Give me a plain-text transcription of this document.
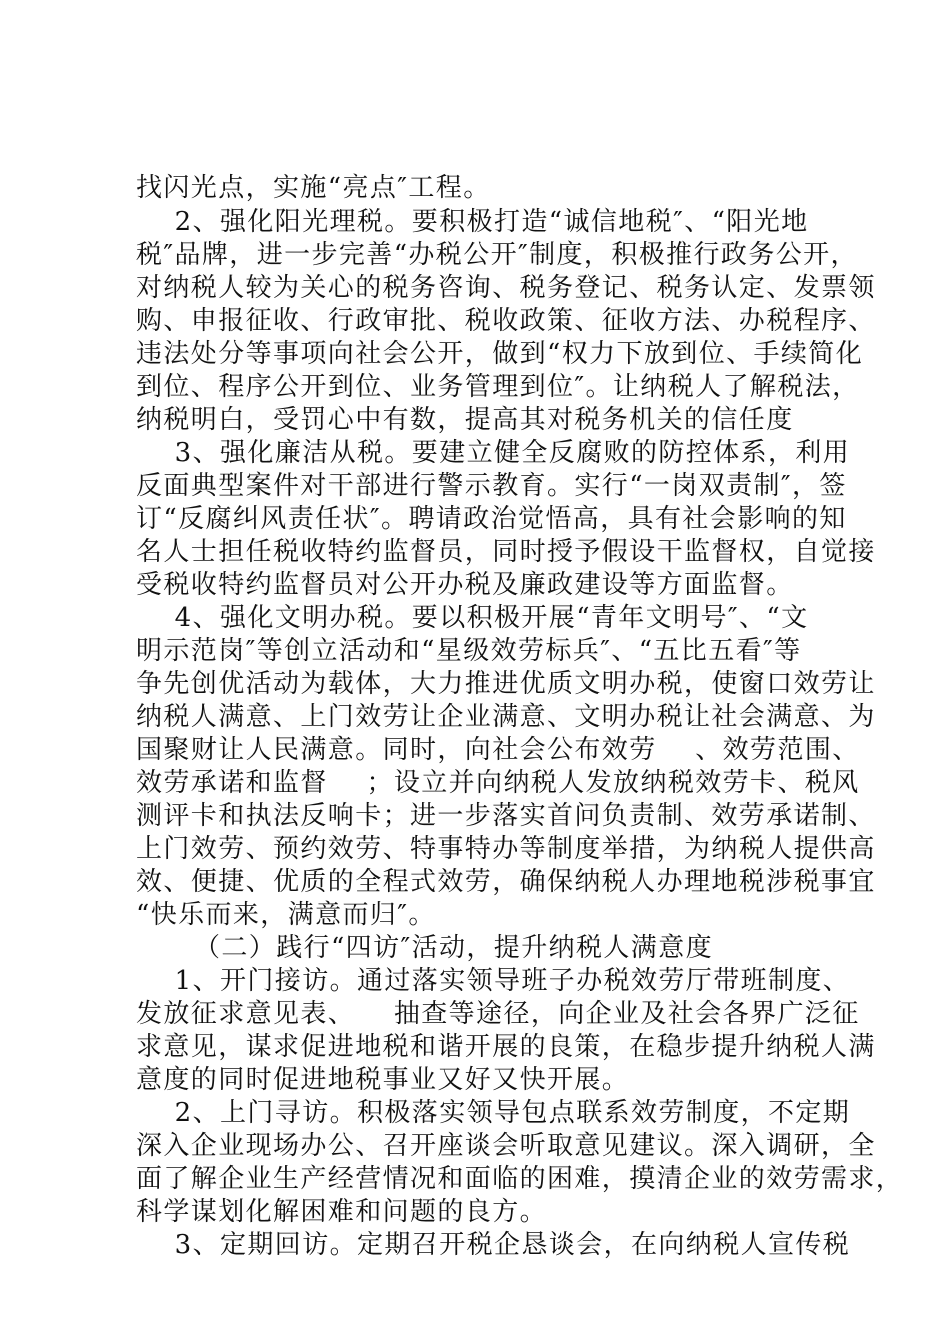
找闪光点，实施“亮点″工程。
2、强化阳光理税。要积极打造“诚信地税″、“阳光地
税″品牌，进一步完善“办税公开″制度，积极推行政务公开，
对纳税人较为关心的税务咨询、税务登记、税务认定、发票领
购、申报征收、行政审批、税收政策、征收方法、办税程序、
违法处分等事项向社会公开，做到“权力下放到位、手续简化
到位、程序公开到位、业务管理到位″。让纳税人了解税法，
纳税明白，受罚心中有数，提高其对税务机关的信任度
3、强化廉洁从税。要建立健全反腐败的防控体系，利用
反面典型案件对干部进行警示教育。实行“一岗双责制″，签
订“反腐纠风责任状″。聘请政治觉悟高，具有社会影响的知
名人士担任税收特约监督员，同时授予假设干监督权，自觉接
受税收特约监督员对公开办税及廉政建设等方面监督。
4、强化文明办税。要以积极开展“青年文明号″、“文
明示范岗″等创立活动和“星级效劳标兵″、“五比五看″等
争先创优活动为载体，大力推进优质文明办税，使窗口效劳让
纳税人满意、上门效劳让企业满意、文明办税让社会满意、为
国聚财让人民满意。同时，向社会公布效劳    、效劳范围、
效劳承诺和监督    ；设立并向纳税人发放纳税效劳卡、税风
测评卡和执法反响卡；进一步落实首问负责制、效劳承诺制、
上门效劳、预约效劳、特事特办等制度举措，为纳税人提供高
效、便捷、优质的全程式效劳，确保纳税人办理地税涉税事宜
“快乐而来，满意而归″。
（二）践行“四访″活动，提升纳税人满意度
1、开门接访。通过落实领导班子办税效劳厅带班制度、
发放征求意见表、    抽查等途径，向企业及社会各界广泛征
求意见，谋求促进地税和谐开展的良策，在稳步提升纳税人满
意度的同时促进地税事业又好又快开展。
2、上门寻访。积极落实领导包点联系效劳制度，不定期
深入企业现场办公、召开座谈会听取意见建议。深入调研，全
面了解企业生产经营情况和面临的困难，摸清企业的效劳需求，
科学谋划化解困难和问题的良方。
3、定期回访。定期召开税企恳谈会，在向纳税人宣传税
